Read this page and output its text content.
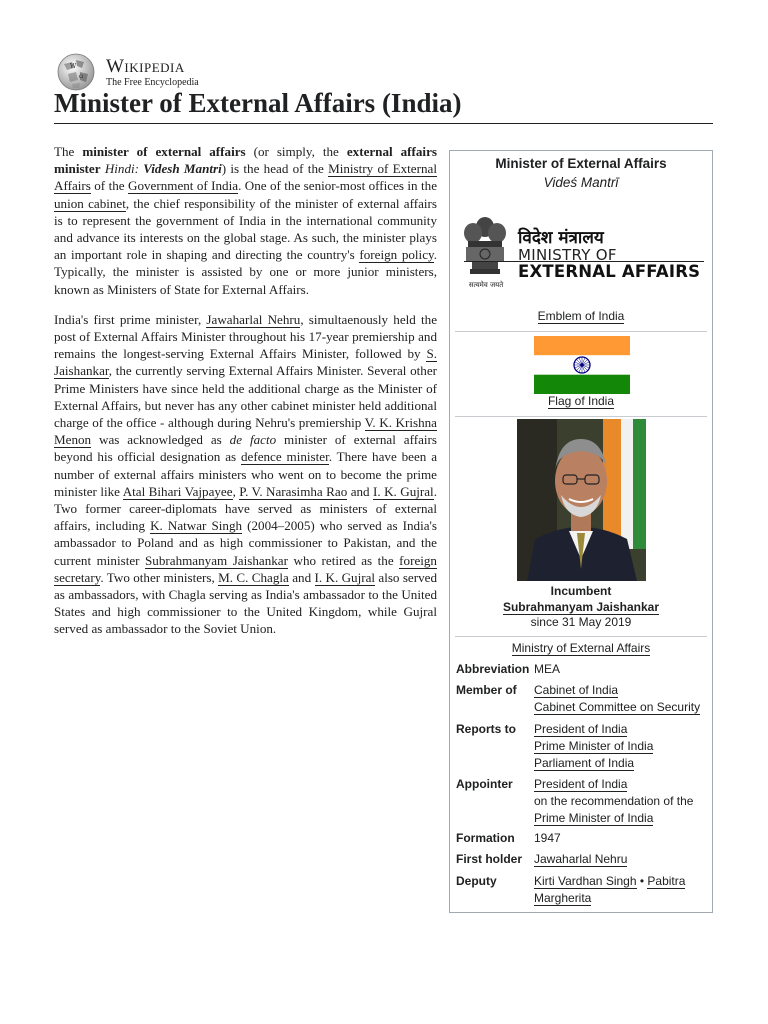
W
Ω
Wikipedia
The Free Encyclopedia
Minister of External Affairs (India)

The minister of external affairs (or simply, the external affairs minister Hindi: Videsh Mantri) is the head of the Ministry of External Affairs of the Government of India. One of the senior-most offices in the union cabinet, the chief responsibility of the minister of external affairs is to represent the government of India in the international community and advance its interests on the global stage. As such, the minister plays an important role in shaping and directing the country's foreign policy. Typically, the minister is assisted by one or more junior ministers, known as Ministers of State for External Affairs.

India's first prime minister, Jawaharlal Nehru, simultaenously held the post of External Affairs Minister throughout his 17-year premiership and remains the longest-serving External Affairs Minister, followed by S. Jaishankar, the currently serving External Affairs Minister. Several other Prime Ministers have since held the additional charge as the Minister of External Affairs, but never has any other cabinet minister held additional charge of the office - although during Nehru's premiership V. K. Krishna Menon was acknowledged as de facto minister of external affairs beyond his official designation as defence minister. There have been a number of external affairs ministers who went on to become the prime minister like Atal Bihari Vajpayee, P. V. Narasimha Rao and I. K. Gujral. Two former career-diplomats have served as ministers of external affairs, including K. Natwar Singh (2004–2005) who served as India's ambassador to Poland and as high commissioner to Pakistan, and the current minister Subrahmanyam Jaishankar who retired as the foreign secretary. Two other ministers, M. C. Chagla and I. K. Gujral also served as ambassadors, with Chagla serving as India's ambassador to the United States and high commissioner to the United Kingdom, while Gujral served as ambassador to the Soviet Union.

Minister of External Affairs
Videś Mantrī
सत्यमेव जयते
विदेश मंत्रालय
MINISTRY OF
EXTERNAL AFFAIRS
Emblem of India
Flag of India
Incumbent
Subrahmanyam Jaishankar
since 31 May 2019
Ministry of External Affairs
Abbreviation MEA
Member of	Cabinet of India
Cabinet Committee on Security
Reports to	President of India
Prime Minister of India
Parliament of India
Appointer	President of India
on the recommendation of the
Prime Minister of India
Formation	1947
First holder Jawaharlal Nehru
Deputy	Kirti Vardhan Singh • Pabitra Margherita
